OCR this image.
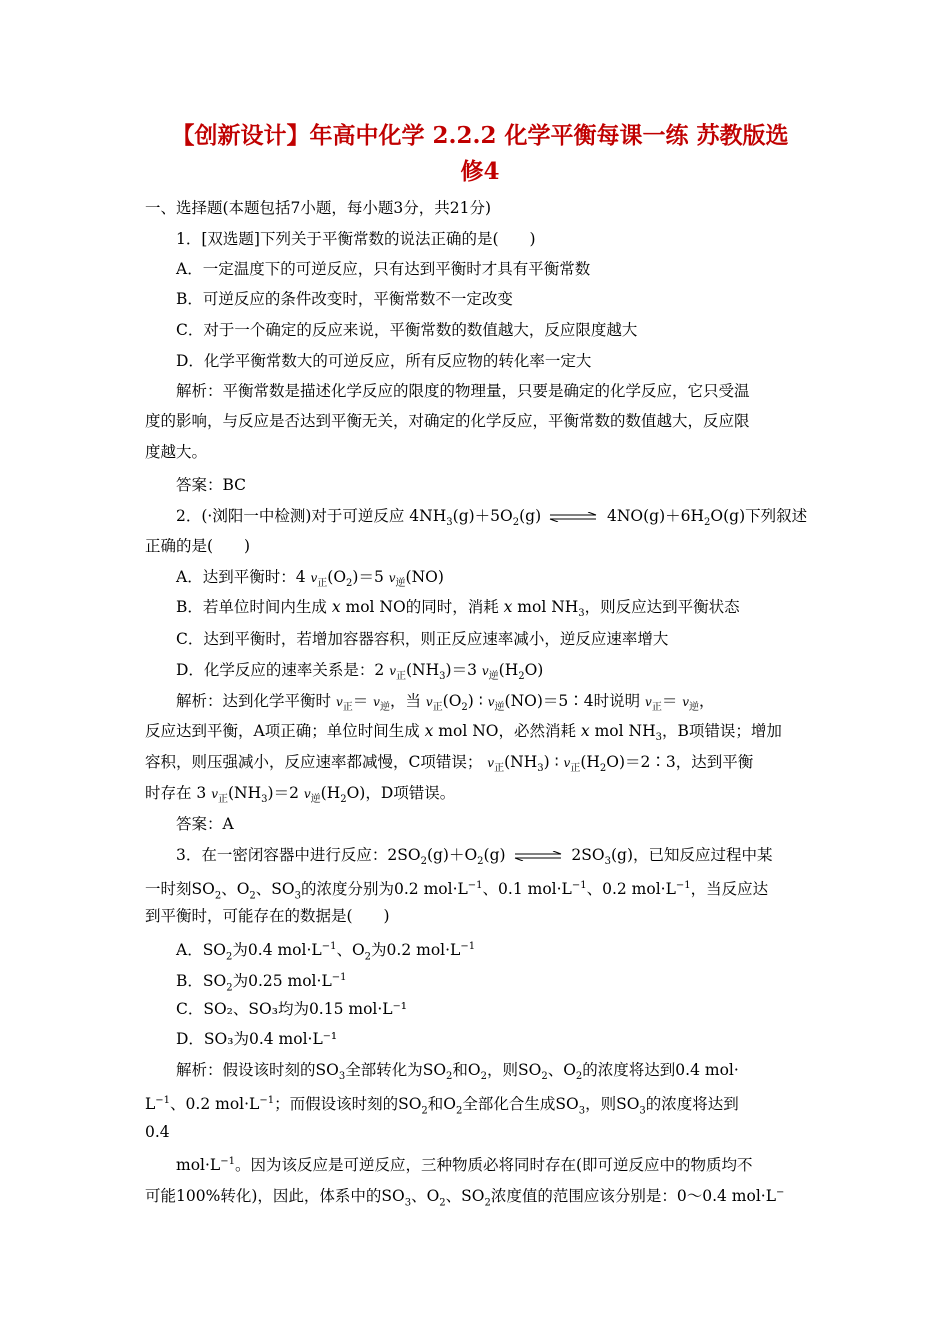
【创新设计】年高中化学 2.2.2 化学平衡每课一练 苏教版选
修4
一、选择题(本题包括7小题，每小题3分，共21分)
1．[双选题]下列关于平衡常数的说法正确的是(　　)
A．一定温度下的可逆反应，只有达到平衡时才具有平衡常数
B．可逆反应的条件改变时，平衡常数不一定改变
C．对于一个确定的反应来说，平衡常数的数值越大，反应限度越大
D．化学平衡常数大的可逆反应，所有反应物的转化率一定大
解析：平衡常数是描述化学反应的限度的物理量，只要是确定的化学反应，它只受温
度的影响，与反应是否达到平衡无关，对确定的化学反应，平衡常数的数值越大，反应限
度越大。
答案：BC
2．(·浏阳一中检测)对于可逆反应 $4NH_3(g)+5O_2(g)$ ⇌ $4NO(g)+6H_2O(g)$下列叙述
正确的是(　　)
A．达到平衡时：4 $v_正(O_2)=5$ $v_逆(NO)$
B．若单位时间内生成 x mol NO的同时，消耗 x mol $NH_3$，则反应达到平衡状态
C．达到平衡时，若增加容器容积，则正反应速率减小，逆反应速率增大
D．化学反应的速率关系是：2 $v_正(NH_3)=3$ $v_逆(H_2O)$
解析：达到化学平衡时 $v_正= v_逆$，当 $v_正(O_2)$ ∶ $v_逆(NO)=5∶4$时说明 $v_正= v_逆$，
反应达到平衡，A项正确；单位时间生成 x mol NO，必然消耗 x mol $NH_3$，B项错误；增加
容积，则压强减小，反应速率都减慢，C项错误； $v_正(NH_3)$ ∶ $v_正(H_2O)=2∶3$，达到平衡
时存在 3 $v_正(NH_3)=2$ $v_逆(H_2O)$，D项错误。
答案：A
3．在一密闭容器中进行反应：$2SO_2(g)+O_2(g)$ ⇌ $2SO_3(g)$，已知反应过程中某
一时刻$SO_2$、$O_2$、$SO_3$的浓度分别为0.2 $mol\cdot L^{-1}$、0.1 $mol\cdot L^{-1}$、0.2 $mol\cdot L^{-1}$，当反应达
到平衡时，可能存在的数据是(　　)
A．$SO_2$为0.4 $mol\cdot L^{-1}$、$O_2$为0.2 $mol\cdot L^{-1}$
B．$SO_2$为0.25 $mol\cdot L^{-1}$
C．SO₂、SO₃均为0.15 mol·L⁻¹
D．SO₃为0.4 mol·L⁻¹
解析：假设该时刻的$SO_3$全部转化为$SO_2$和$O_2$，则$SO_2$、$O_2$的浓度将达到0.4 mol·
$L^{-1}$、0.2 $mol\cdot L^{-1}$；而假设该时刻的$SO_2$和$O_2$全部化合生成$SO_3$，则$SO_3$的浓度将达到
0.4
$mol\cdot L^{-1}$。因为该反应是可逆反应，三种物质必将同时存在(即可逆反应中的物质均不
可能100%转化)，因此，体系中的$SO_3$、$O_2$、$SO_2$浓度值的范围应该分别是：0～0.4 mol·L−
